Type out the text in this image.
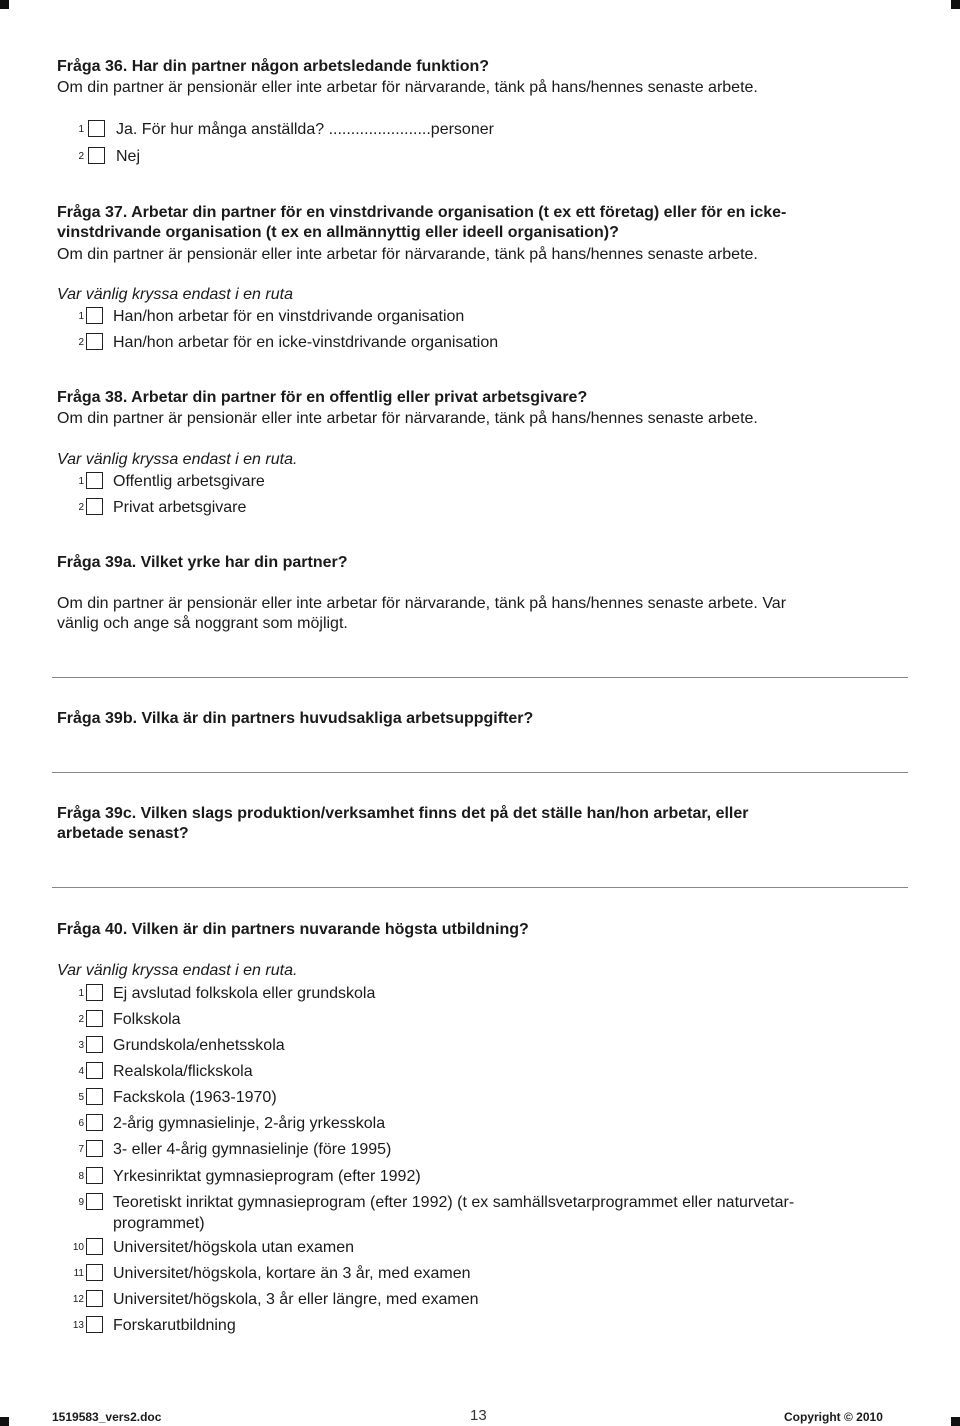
Fråga 36. Har din partner någon arbetsledande funktion?
Om din partner är pensionär eller inte arbetar för närvarande, tänk på hans/hennes senaste arbete.
1 Ja. För hur många anställda? .......................personer
2 Nej
Fråga 37. Arbetar din partner för en vinstdrivande organisation (t ex ett företag) eller för en icke-
vinstdrivande organisation (t ex en allmännyttig eller ideell organisation)?
Om din partner är pensionär eller inte arbetar för närvarande, tänk på hans/hennes senaste arbete.
Var vänlig kryssa endast i en ruta
1 Han/hon arbetar för en vinstdrivande organisation
2 Han/hon arbetar för en icke-vinstdrivande organisation
Fråga 38. Arbetar din partner för en offentlig eller privat arbetsgivare?
Om din partner är pensionär eller inte arbetar för närvarande, tänk på hans/hennes senaste arbete.
Var vänlig kryssa endast i en ruta.
1 Offentlig arbetsgivare
2 Privat arbetsgivare
Fråga 39a. Vilket yrke har din partner?
Om din partner är pensionär eller inte arbetar för närvarande, tänk på hans/hennes senaste arbete. Var
vänlig och ange så noggrant som möjligt.
Fråga 39b. Vilka är din partners huvudsakliga arbetsuppgifter?
Fråga 39c. Vilken slags produktion/verksamhet finns det på det ställe han/hon arbetar, eller
arbetade senast?
Fråga 40. Vilken är din partners nuvarande högsta utbildning?
Var vänlig kryssa endast i en ruta.
1 Ej avslutad folkskola eller grundskola
2 Folkskola
3 Grundskola/enhetsskola
4 Realskola/flickskola
5 Fackskola (1963-1970)
6 2-årig gymnasielinje, 2-årig yrkesskola
7 3- eller 4-årig gymnasielinje (före 1995)
8 Yrkesinriktat gymnasieprogram (efter 1992)
9 Teoretiskt inriktat gymnasieprogram (efter 1992) (t ex samhällsvetarprogrammet eller naturvetar-
programmet)
10 Universitet/högskola utan examen
11 Universitet/högskola, kortare än 3 år, med examen
12 Universitet/högskola, 3 år eller längre, med examen
13 Forskarutbildning
1519583_vers2.doc	13	Copyright © 2010
